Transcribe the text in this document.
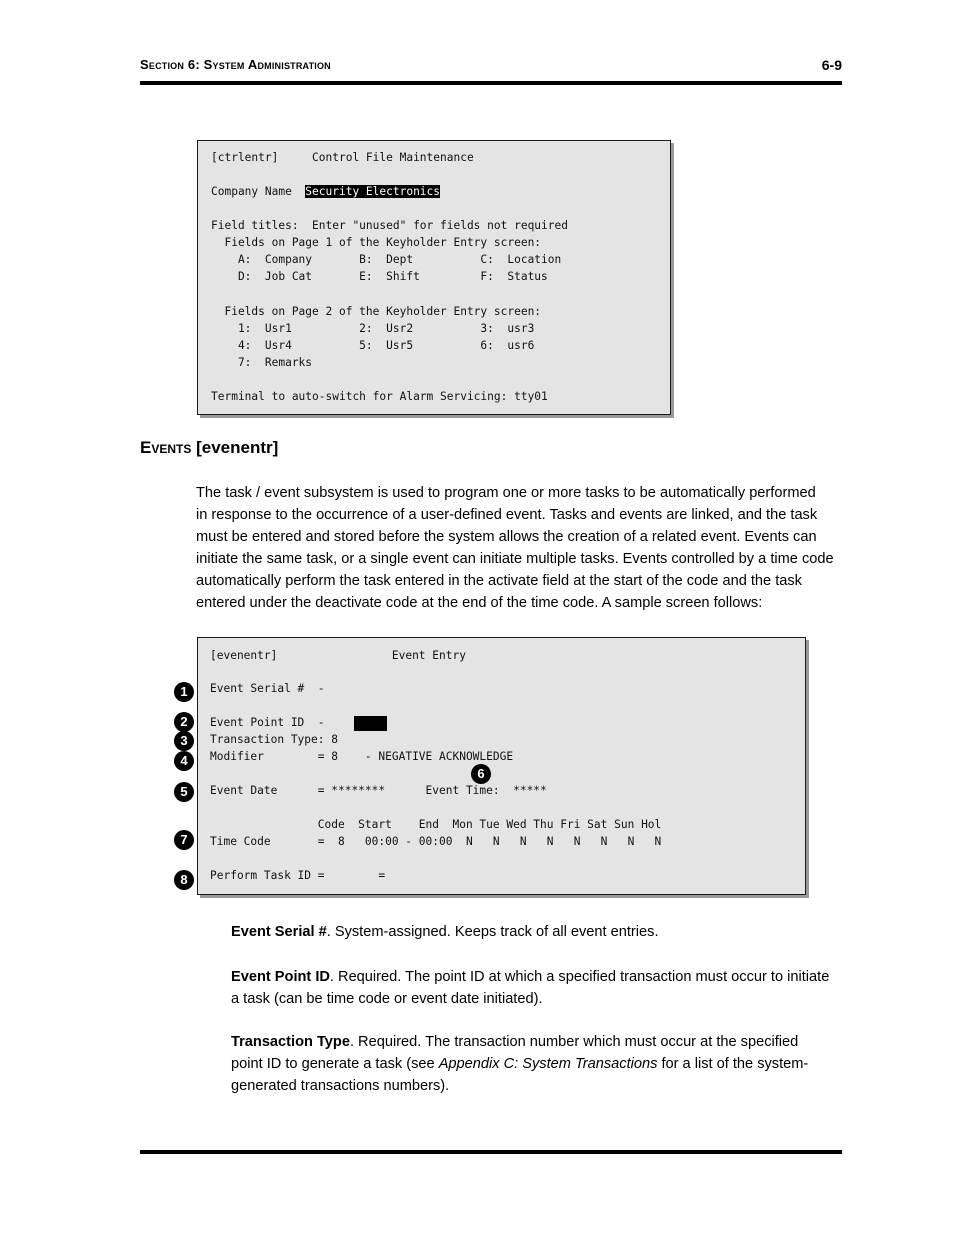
Section 6: System Administration	6-9
[ctrlentr]     Control File Maintenance
Company Name  Security Electronics
Field titles:  Enter "unused" for fields not required
Fields on Page 1 of the Keyholder Entry screen:
A:  Company       B:  Dept          C:  Location
D:  Job Cat       E:  Shift         F:  Status
Fields on Page 2 of the Keyholder Entry screen:
1:  Usr1          2:  Usr2          3:  usr3
4:  Usr4          5:  Usr5          6:  usr6
7:  Remarks
Terminal to auto-switch for Alarm Servicing: tty01
Events [evenentr]
The task / event subsystem is used to program one or more tasks to be automatically performed
in response to the occurrence of a user-defined event. Tasks and events are linked, and the task
must be entered and stored before the system allows the creation of a related event. Events can
initiate the same task, or a single event can initiate multiple tasks. Events controlled by a time code
automatically perform the task entered in the activate field at the start of the code and the task
entered under the deactivate code at the end of the time code. A sample screen follows:
[evenentr]                 Event Entry
Event Serial #  -
Event Point ID  -
Transaction Type: 8
Modifier        = 8    - NEGATIVE ACKNOWLEDGE
Event Date      = ********      Event Time:  *****
Code  Start    End  Mon Tue Wed Thu Fri Sat Sun Hol
Time Code       =  8   00:00 - 00:00  N   N   N   N   N   N   N   N
Perform Task ID =        =
1
2
3
4
6
5
7
8
Event Serial #. System-assigned. Keeps track of all event entries.
Event Point ID. Required. The point ID at which a specified transaction must occur to initiate
a task (can be time code or event date initiated).
Transaction Type. Required. The transaction number which must occur at the specified
point ID to generate a task (see Appendix C: System Transactions for a list of the system-
generated transactions numbers).
